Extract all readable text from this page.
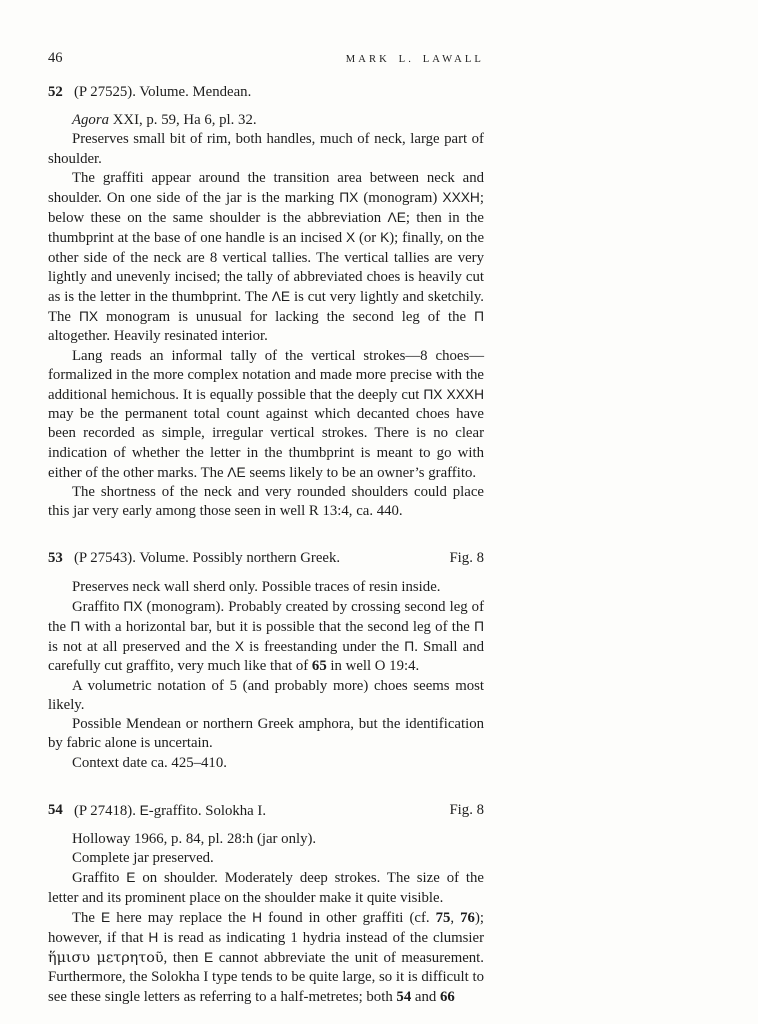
46	MARK L. LAWALL
52 (P 27525). Volume. Mendean.

Agora XXI, p. 59, Ha 6, pl. 32.

Preserves small bit of rim, both handles, much of neck, large part of shoulder.

The graffiti appear around the transition area between neck and shoulder. On one side of the jar is the marking ΠX (monogram) XXXH; below these on the same shoulder is the abbreviation ΛE; then in the thumbprint at the base of one handle is an incised X (or K); finally, on the other side of the neck are 8 vertical tallies. The vertical tallies are very lightly and unevenly incised; the tally of abbreviated choes is heavily cut as is the letter in the thumbprint. The ΛE is cut very lightly and sketchily. The ΠX monogram is unusual for lacking the second leg of the Π altogether. Heavily resinated interior.

Lang reads an informal tally of the vertical strokes—8 choes—formalized in the more complex notation and made more precise with the additional hemichous. It is equally possible that the deeply cut ΠX XXXH may be the permanent total count against which decanted choes have been recorded as simple, irregular vertical strokes. There is no clear indication of whether the letter in the thumbprint is meant to go with either of the other marks. The ΛE seems likely to be an owner’s graffito.

The shortness of the neck and very rounded shoulders could place this jar very early among those seen in well R 13:4, ca. 440.

53 (P 27543). Volume. Possibly northern Greek.	Fig. 8

Preserves neck wall sherd only. Possible traces of resin inside.

Graffito ΠX (monogram). Probably created by crossing second leg of the Π with a horizontal bar, but it is possible that the second leg of the Π is not at all preserved and the X is freestanding under the Π. Small and carefully cut graffito, very much like that of 65 in well O 19:4.

A volumetric notation of 5 (and probably more) choes seems most likely.

Possible Mendean or northern Greek amphora, but the identification by fabric alone is uncertain.

Context date ca. 425–410.

54 (P 27418). E-graffito. Solokha I.	Fig. 8

Holloway 1966, p. 84, pl. 28:h (jar only).

Complete jar preserved.

Graffito E on shoulder. Moderately deep strokes. The size of the letter and its prominent place on the shoulder make it quite visible.

The E here may replace the H found in other graffiti (cf. 75, 76); however, if that H is read as indicating 1 hydria instead of the clumsier ἥμισυ μετρητοῦ, then E cannot abbreviate the unit of measurement. Furthermore, the Solokha I type tends to be quite large, so it is difficult to see these single letters as referring to a half-metretes; both 54 and 66
